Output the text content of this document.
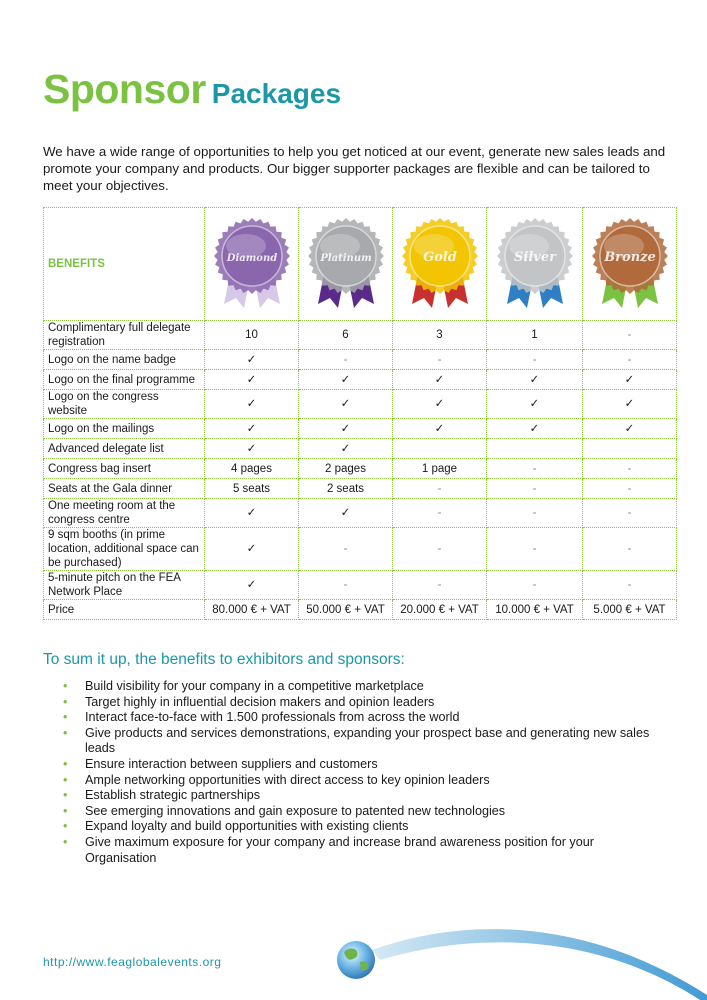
Sponsor Packages

We have a wide range of opportunities to help you get noticed at our event, generate new sales leads and promote your company and products. Our bigger supporter packages are flexible and can be tailored to meet your objectives.

BENEFITS	Diamond	Platinum	Gold	Silver	Bronze

Complimentary full delegate registration	10	6	3	1	-
Logo on the name badge	✓	-	-	-	-
Logo on the final programme	✓	✓	✓	✓	✓
Logo on the congress website	✓	✓	✓	✓	✓
Logo on the mailings	✓	✓	✓	✓	✓
Advanced delegate list	✓	✓			
Congress bag insert	4 pages	2 pages	1 page	-	-
Seats at the Gala dinner	5 seats	2 seats	-	-	-
One meeting room at the congress centre	✓	✓	-	-	-
9 sqm booths (in prime location, additional space can be purchased)	✓	-	-	-	-
5-minute pitch on the FEA Network Place	✓	-	-	-	-
Price	80.000 € + VAT	50.000 € + VAT	20.000 € + VAT	10.000 € + VAT	5.000 € + VAT
To sum it up, the benefits to exhibitors and sponsors:
• Build visibility for your company in a competitive marketplace
• Target highly in influential decision makers and opinion leaders
• Interact face-to-face with 1.500 professionals from across the world
• Give products and services demonstrations, expanding your prospect base and generating new sales leads
• Ensure interaction between suppliers and customers
• Ample networking opportunities with direct access to key opinion leaders
• Establish strategic partnerships
• See emerging innovations and gain exposure to patented new technologies
• Expand loyalty and build opportunities with existing clients
• Give maximum exposure for your company and increase brand awareness position for your Organisation

http://www.feaglobalevents.org
